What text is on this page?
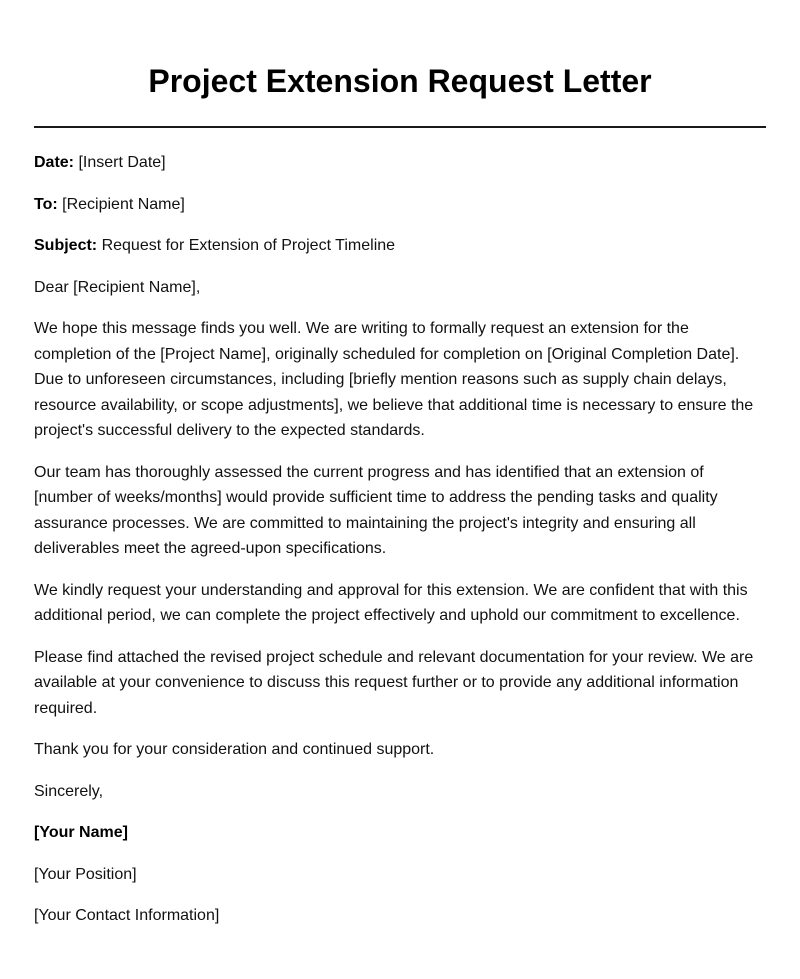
Project Extension Request Letter

Date: [Insert Date]

To: [Recipient Name]

Subject: Request for Extension of Project Timeline

Dear [Recipient Name],

We hope this message finds you well. We are writing to formally request an extension for the completion of the [Project Name], originally scheduled for completion on [Original Completion Date]. Due to unforeseen circumstances, including [briefly mention reasons such as supply chain delays, resource availability, or scope adjustments], we believe that additional time is necessary to ensure the project's successful delivery to the expected standards.

Our team has thoroughly assessed the current progress and has identified that an extension of [number of weeks/months] would provide sufficient time to address the pending tasks and quality assurance processes. We are committed to maintaining the project's integrity and ensuring all deliverables meet the agreed-upon specifications.

We kindly request your understanding and approval for this extension. We are confident that with this additional period, we can complete the project effectively and uphold our commitment to excellence.

Please find attached the revised project schedule and relevant documentation for your review. We are available at your convenience to discuss this request further or to provide any additional information required.

Thank you for your consideration and continued support.

Sincerely,

[Your Name]

[Your Position]

[Your Contact Information]
